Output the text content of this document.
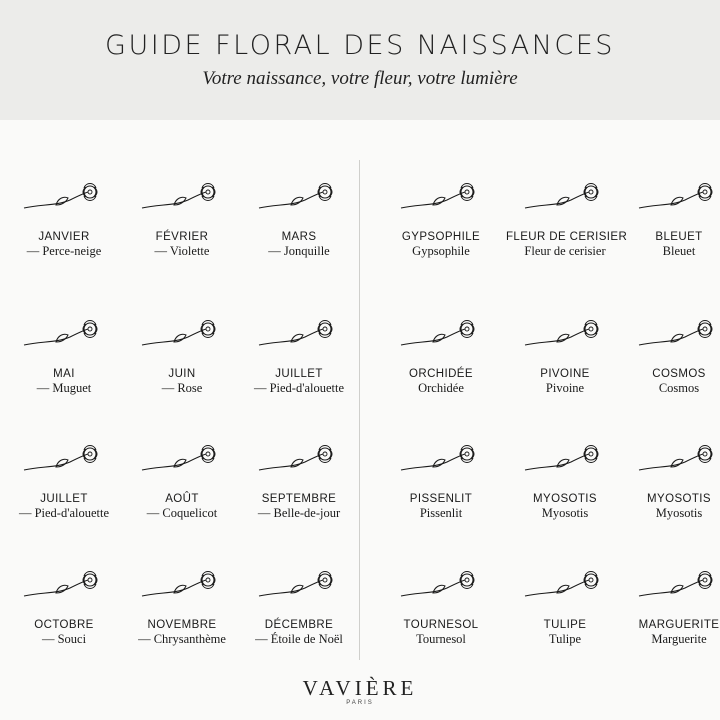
GUIDE FLORAL DES NAISSANCES
Votre naissance, votre fleur, votre lumière
JANVIER
— Perce-neige
FÉVRIER
— Violette
MARS
— Jonquille
MAI
— Muguet
JUIN
— Rose
JUILLET
— Pied-d'alouette
JUILLET
— Pied-d'alouette
AOÛT
— Coquelicot
SEPTEMBRE
— Belle-de-jour
OCTOBRE
— Souci
NOVEMBRE
— Chrysanthème
DÉCEMBRE
— Étoile de Noël
GYPSOPHILE
Gypsophile
FLEUR DE CERISIER
Fleur de cerisier
BLEUET
Bleuet
ORCHIDÉE
Orchidée
PIVOINE
Pivoine
COSMOS
Cosmos
PISSENLIT
Pissenlit
MYOSOTIS
Myosotis
MYOSOTIS
Myosotis
TOURNESOL
Tournesol
TULIPE
Tulipe
MARGUERITE
Marguerite
VAVIÈRE
PARIS
